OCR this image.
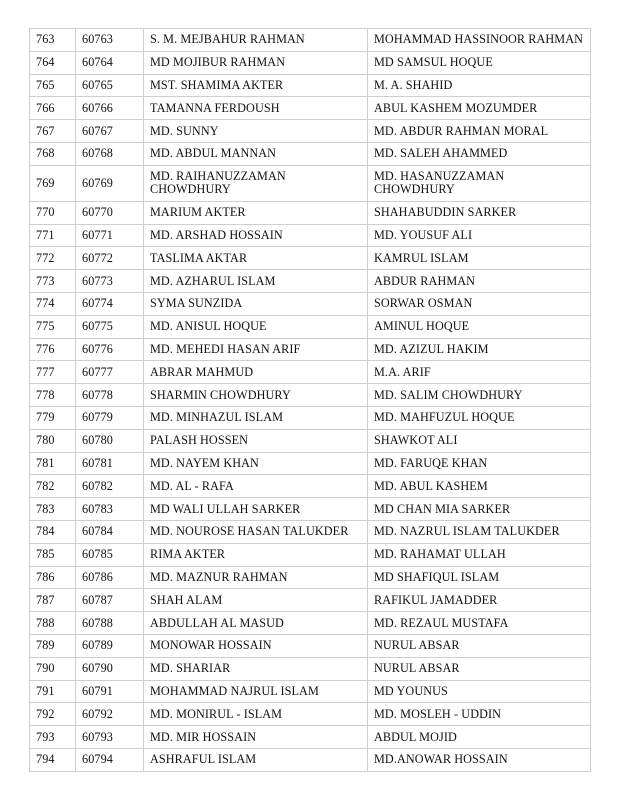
763	60763	S. M. MEJBAHUR RAHMAN	MOHAMMAD HASSINOOR RAHMAN
764	60764	MD MOJIBUR RAHMAN	MD SAMSUL HOQUE
765	60765	MST. SHAMIMA AKTER	M. A. SHAHID
766	60766	TAMANNA FERDOUSH	ABUL KASHEM MOZUMDER
767	60767	MD. SUNNY	MD. ABDUR RAHMAN MORAL
768	60768	MD. ABDUL MANNAN	MD. SALEH AHAMMED
769	60769	MD. RAIHANUZZAMAN CHOWDHURY	MD. HASANUZZAMAN CHOWDHURY
770	60770	MARIUM AKTER	SHAHABUDDIN SARKER
771	60771	MD. ARSHAD HOSSAIN	MD. YOUSUF ALI
772	60772	TASLIMA AKTAR	KAMRUL ISLAM
773	60773	MD. AZHARUL ISLAM	ABDUR RAHMAN
774	60774	SYMA SUNZIDA	SORWAR OSMAN
775	60775	MD. ANISUL HOQUE	AMINUL HOQUE
776	60776	MD. MEHEDI HASAN ARIF	MD. AZIZUL HAKIM
777	60777	ABRAR MAHMUD	M.A. ARIF
778	60778	SHARMIN CHOWDHURY	MD. SALIM CHOWDHURY
779	60779	MD. MINHAZUL ISLAM	MD. MAHFUZUL HOQUE
780	60780	PALASH HOSSEN	SHAWKOT ALI
781	60781	MD. NAYEM KHAN	MD. FARUQE KHAN
782	60782	MD. AL - RAFA	MD. ABUL KASHEM
783	60783	MD WALI ULLAH SARKER	MD CHAN MIA SARKER
784	60784	MD. NOUROSE HASAN TALUKDER	MD. NAZRUL ISLAM TALUKDER
785	60785	RIMA AKTER	MD. RAHAMAT ULLAH
786	60786	MD. MAZNUR RAHMAN	MD SHAFIQUL ISLAM
787	60787	SHAH ALAM	RAFIKUL JAMADDER
788	60788	ABDULLAH AL MASUD	MD. REZAUL MUSTAFA
789	60789	MONOWAR HOSSAIN	NURUL ABSAR
790	60790	MD. SHARIAR	NURUL ABSAR
791	60791	MOHAMMAD NAJRUL ISLAM	MD YOUNUS
792	60792	MD. MONIRUL - ISLAM	MD. MOSLEH - UDDIN
793	60793	MD. MIR HOSSAIN	ABDUL MOJID
794	60794	ASHRAFUL ISLAM	MD.ANOWAR HOSSAIN
